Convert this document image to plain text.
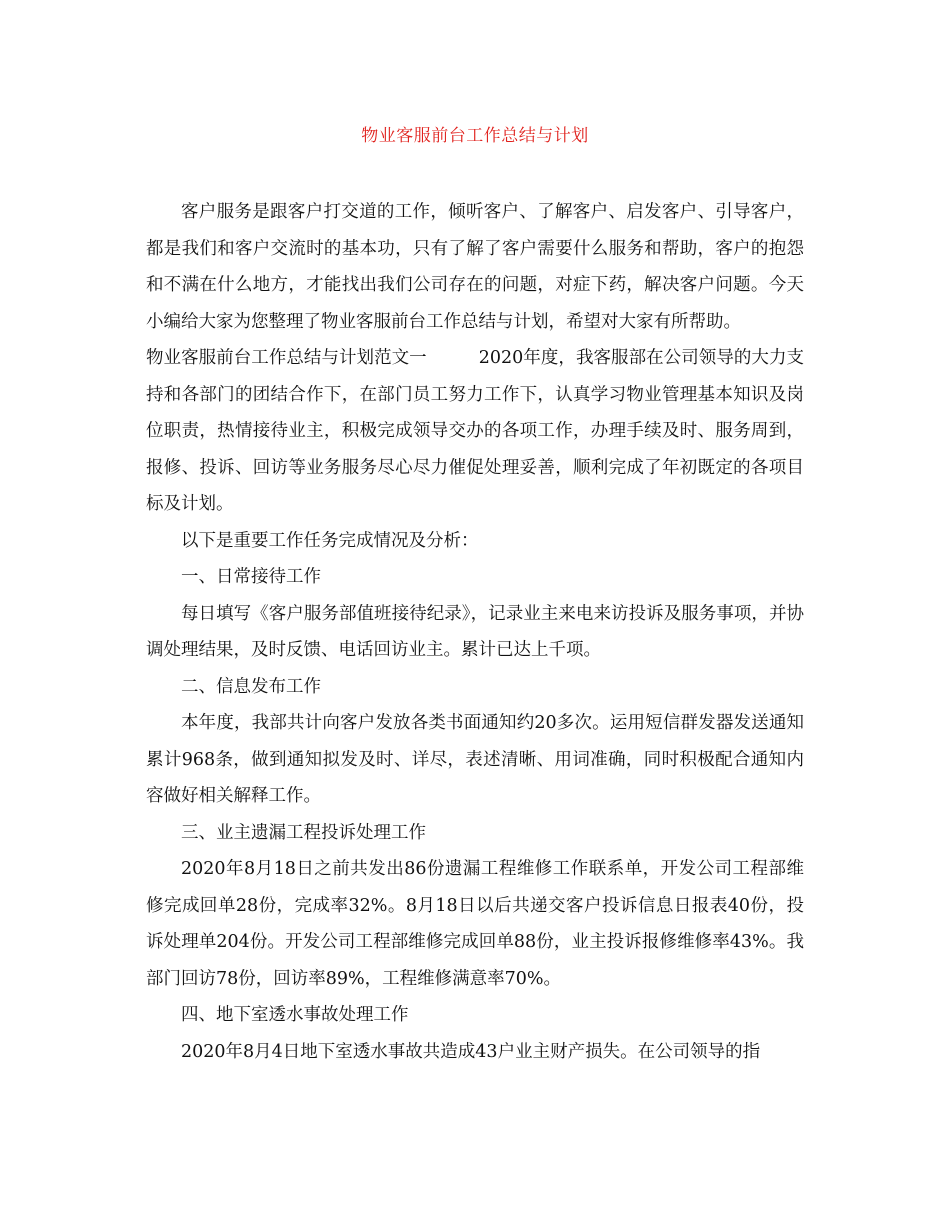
物业客服前台工作总结与计划

客户服务是跟客户打交道的工作，倾听客户、了解客户、启发客户、引导客户，都是我们和客户交流时的基本功，只有了解了客户需要什么服务和帮助，客户的抱怨和不满在什么地方，才能找出我们公司存在的问题，对症下药，解决客户问题。今天小编给大家为您整理了物业客服前台工作总结与计划，希望对大家有所帮助。

物业客服前台工作总结与计划范文一	2020年度，我客服部在公司领导的大力支持和各部门的团结合作下，在部门员工努力工作下，认真学习物业管理基本知识及岗位职责，热情接待业主，积极完成领导交办的各项工作，办理手续及时、服务周到，报修、投诉、回访等业务服务尽心尽力催促处理妥善，顺利完成了年初既定的各项目标及计划。

以下是重要工作任务完成情况及分析：

一、日常接待工作

每日填写《客户服务部值班接待纪录》，记录业主来电来访投诉及服务事项，并协调处理结果，及时反馈、电话回访业主。累计已达上千项。

二、信息发布工作

本年度，我部共计向客户发放各类书面通知约20多次。运用短信群发器发送通知累计968条，做到通知拟发及时、详尽，表述清晰、用词准确，同时积极配合通知内容做好相关解释工作。

三、业主遗漏工程投诉处理工作

2020年8月18日之前共发出86份遗漏工程维修工作联系单，开发公司工程部维修完成回单28份，完成率32%。8月18日以后共递交客户投诉信息日报表40份，投诉处理单204份。开发公司工程部维修完成回单88份，业主投诉报修维修率43%。我部门回访78份，回访率89%，工程维修满意率70%。

四、地下室透水事故处理工作

2020年8月4日地下室透水事故共造成43户业主财产损失。在公司领导的指
